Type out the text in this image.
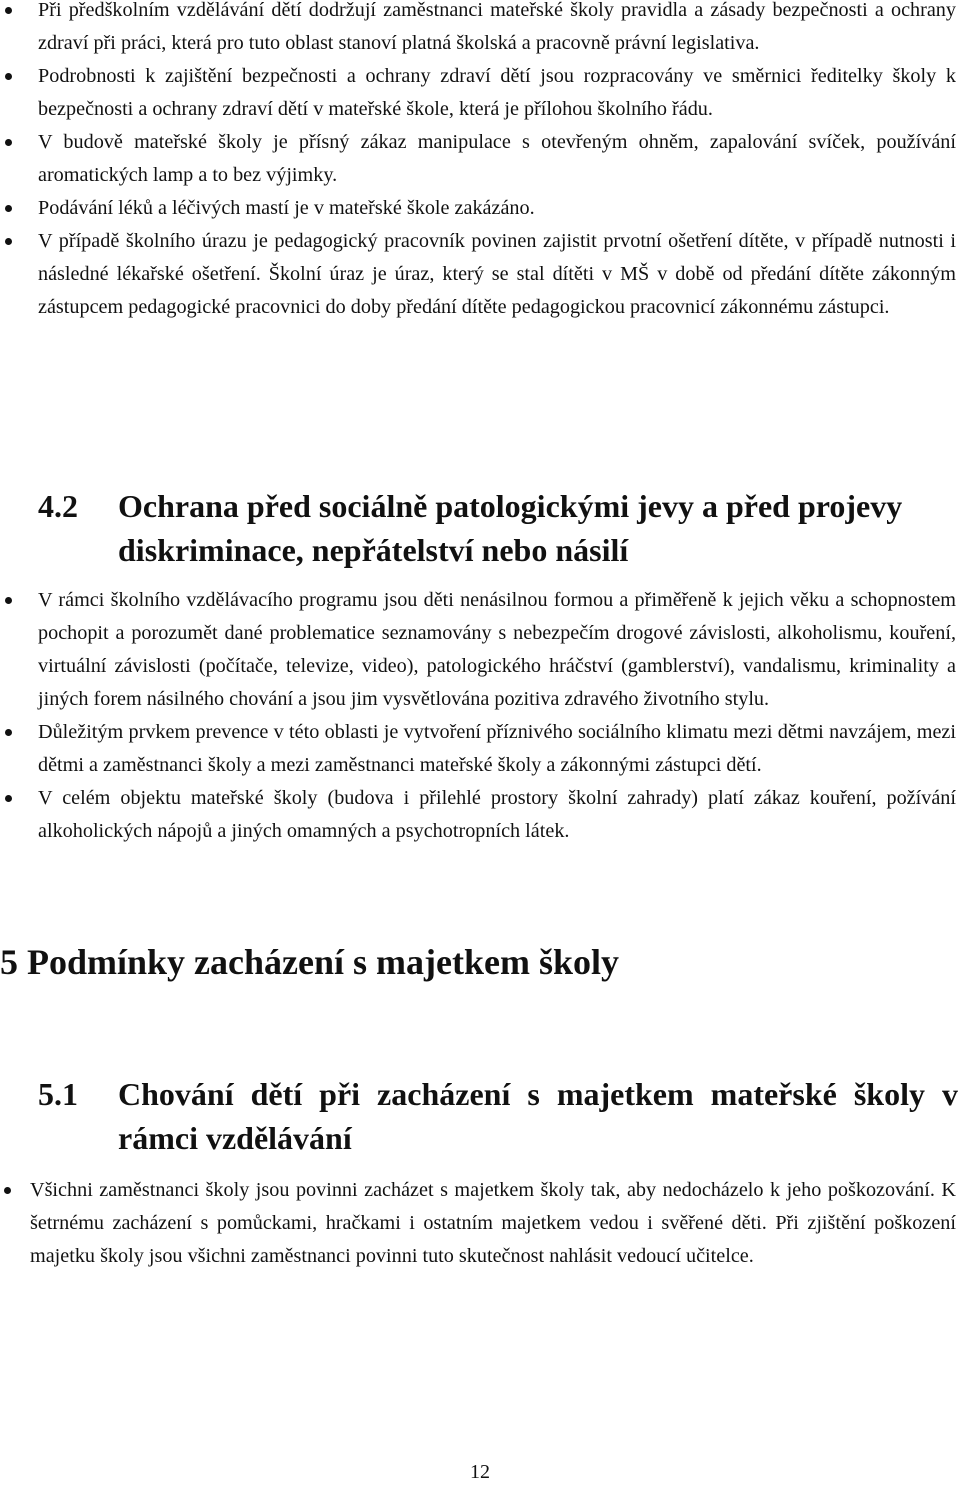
Při předškolním vzdělávání dětí dodržují zaměstnanci mateřské školy pravidla a zásady bezpečnosti a ochrany zdraví při práci, která pro tuto oblast stanoví platná školská a pracovně právní legislativa.
Podrobnosti k zajištění bezpečnosti a ochrany zdraví dětí jsou rozpracovány ve směrnici ředitelky školy k bezpečnosti a ochrany zdraví dětí v mateřské škole, která je přílohou školního řádu.
V budově mateřské školy je přísný zákaz manipulace s otevřeným ohněm, zapalování svíček, používání aromatických lamp a to bez výjimky.
Podávání léků a léčivých mastí je v mateřské škole zakázáno.
V případě školního úrazu je pedagogický pracovník povinen zajistit prvotní ošetření dítěte, v případě nutnosti i následné lékařské ošetření. Školní úraz je úraz, který se stal dítěti v MŠ v době od předání dítěte zákonným zástupcem pedagogické pracovnici do doby předání dítěte pedagogickou pracovnicí zákonnému zástupci.
4.2 Ochrana před sociálně patologickými jevy a před projevy diskriminace, nepřátelství nebo násilí
V rámci školního vzdělávacího programu jsou děti nenásilnou formou a přiměřeně k jejich věku a schopnostem pochopit a porozumět dané problematice seznamovány s nebezpečím drogové závislosti, alkoholismu, kouření, virtuální závislosti (počítače, televize, video), patologického hráčství (gamblerství), vandalismu, kriminality a jiných forem násilného chování a jsou jim vysvětlována pozitiva zdravého životního stylu.
Důležitým prvkem prevence v této oblasti je vytvoření příznivého sociálního klimatu mezi dětmi navzájem, mezi dětmi a zaměstnanci školy a mezi zaměstnanci mateřské školy a zákonnými zástupci dětí.
V celém objektu mateřské školy (budova i přilehlé prostory školní zahrady) platí zákaz kouření, požívání alkoholických nápojů a jiných omamných a psychotropních látek.
5 Podmínky zacházení s majetkem školy
5.1 Chování dětí při zacházení s majetkem mateřské školy v rámci vzdělávání
Všichni zaměstnanci školy jsou povinni zacházet s majetkem školy tak, aby nedocházelo k jeho poškozování. K šetrnému zacházení s pomůckami, hračkami i ostatním majetkem vedou i svěřené děti. Při zjištění poškození majetku školy jsou všichni zaměstnanci povinni tuto skutečnost nahlásit vedoucí učitelce.
12
